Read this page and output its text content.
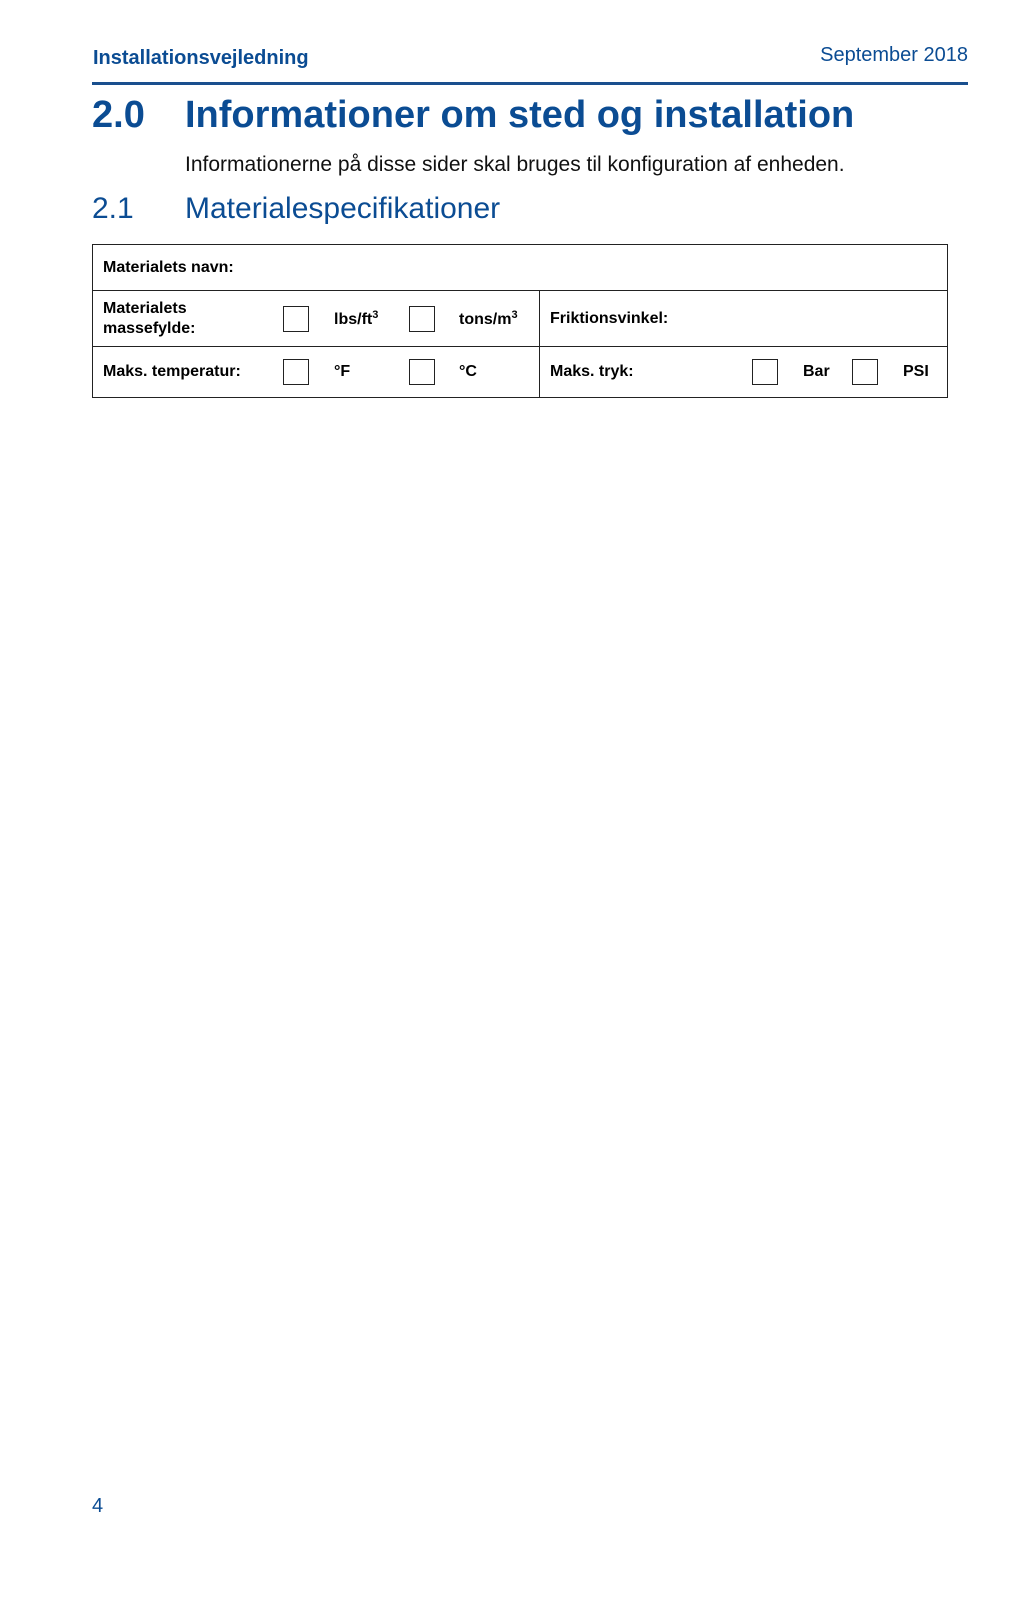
Installationsvejledning	September 2018
2.0 Informationer om sted og installation
Informationerne på disse sider skal bruges til konfiguration af enheden.
2.1 Materialespecifikationer
Materialets navn:	

Materialets
massefylde:
lbs/$ft^3$ tons/$m^3$	Friktionsvinkel:

Maks. temperatur: °F °C	Maks. tryk: Bar PSI
4
